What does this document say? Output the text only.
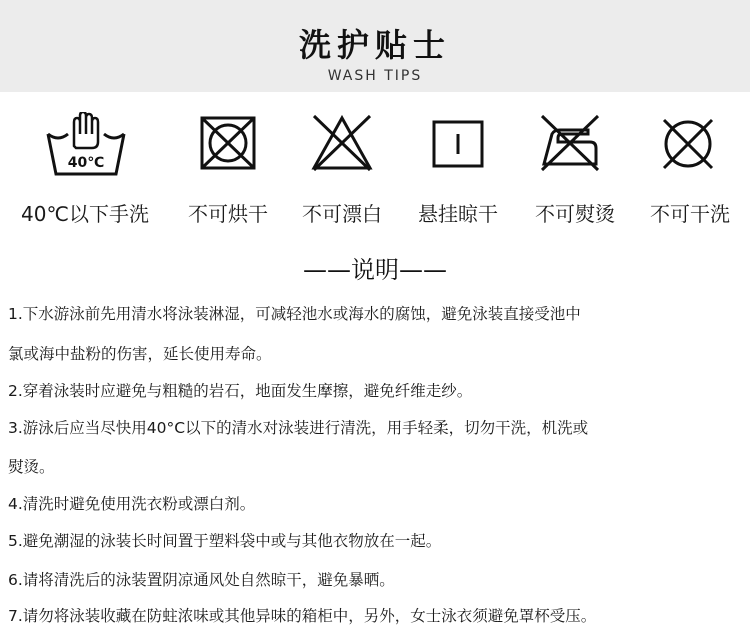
洗护贴士
WASH TIPS
40℃
40℃以下手洗	不可烘干	不可漂白	悬挂晾干	不可熨烫	不可干洗
——说明——
1.下水游泳前先用清水将泳装淋湿，可减轻池水或海水的腐蚀，避免泳装直接受池中
氯或海中盐粉的伤害，延长使用寿命。
2.穿着泳装时应避免与粗糙的岩石，地面发生摩擦，避免纤维走纱。
3.游泳后应当尽快用40°C以下的清水对泳装进行清洗，用手轻柔，切勿干洗，机洗或
熨烫。
4.清洗时避免使用洗衣粉或漂白剂。
5.避免潮湿的泳装长时间置于塑料袋中或与其他衣物放在一起。
6.请将清洗后的泳装置阴凉通风处自然晾干，避免暴晒。
7.请勿将泳装收藏在防蛀浓味或其他异味的箱柜中，另外，女士泳衣须避免罩杯受压。
